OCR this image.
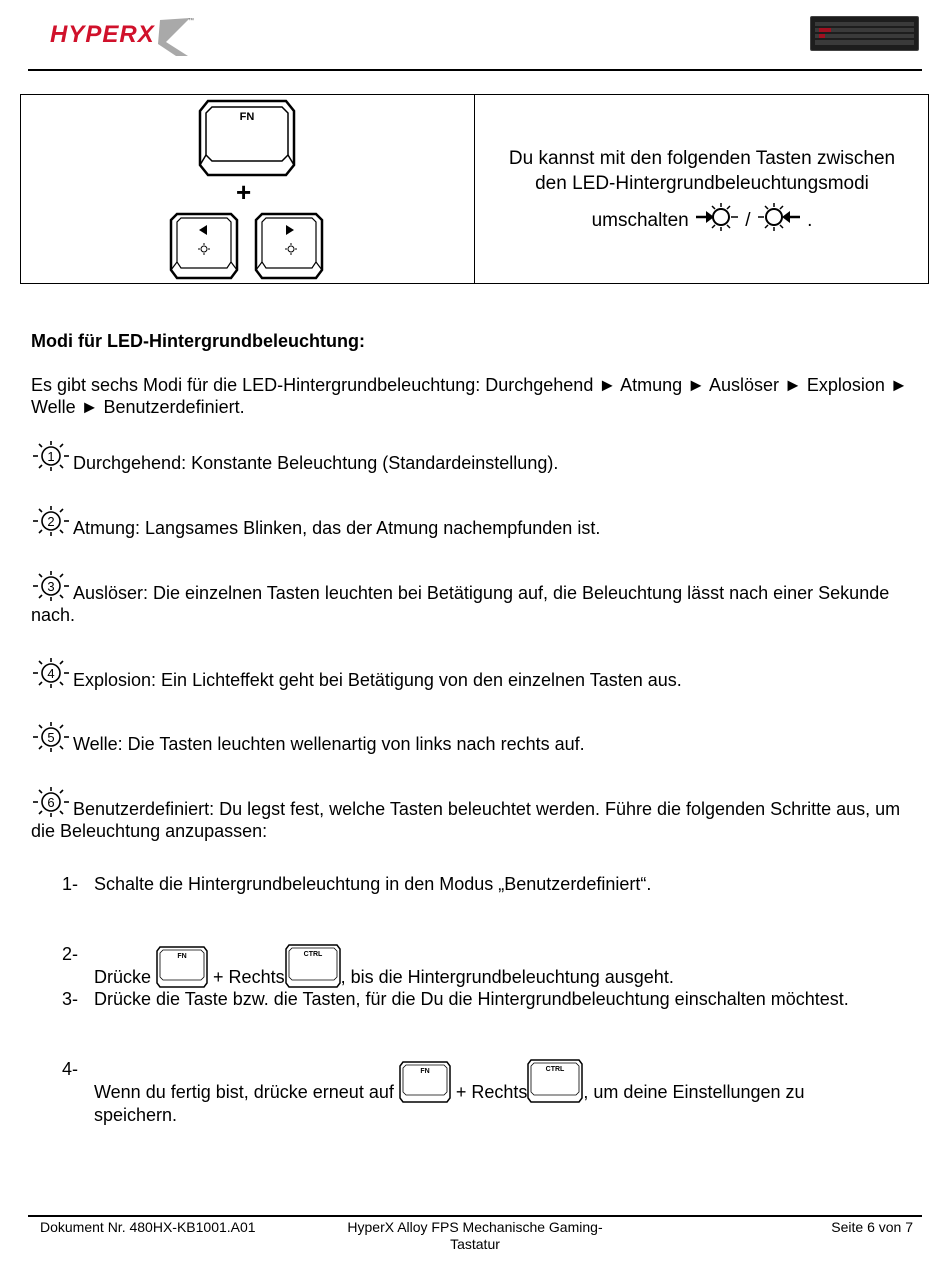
HYPERX	™
FN
+
Du kannst mit den folgenden Tasten zwischen
den LED-Hintergrundbeleuchtungsmodi
umschalten	/	.
Modi für LED-Hintergrundbeleuchtung:
Es gibt sechs Modi für die LED-Hintergrundbeleuchtung: Durchgehend ► Atmung ► Auslöser ► Explosion ► Welle ► Benutzerdefiniert.
1 Durchgehend: Konstante Beleuchtung (Standardeinstellung).
2 Atmung: Langsames Blinken, das der Atmung nachempfunden ist.
3 Auslöser: Die einzelnen Tasten leuchten bei Betätigung auf, die Beleuchtung lässt nach einer Sekunde nach.
4 Explosion: Ein Lichteffekt geht bei Betätigung von den einzelnen Tasten aus.
5 Welle: Die Tasten leuchten wellenartig von links nach rechts auf.
6 Benutzerdefiniert: Du legst fest, welche Tasten beleuchtet werden. Führe die folgenden Schritte aus, um die Beleuchtung anzupassen:
1- Schalte die Hintergrundbeleuchtung in den Modus „Benutzerdefiniert“.
2-
Drücke
FN
+ Rechts
CTRL
, bis die Hintergrundbeleuchtung ausgeht.
3- Drücke die Taste bzw. die Tasten, für die Du die Hintergrundbeleuchtung einschalten möchtest.
4-
Wenn du fertig bist, drücke erneut auf
FN
+ Rechts
CTRL
, um deine Einstellungen zu
speichern.
Dokument Nr. 480HX-KB1001.A01	HyperX Alloy FPS Mechanische Gaming-
Tastatur
Seite 6 von 7
